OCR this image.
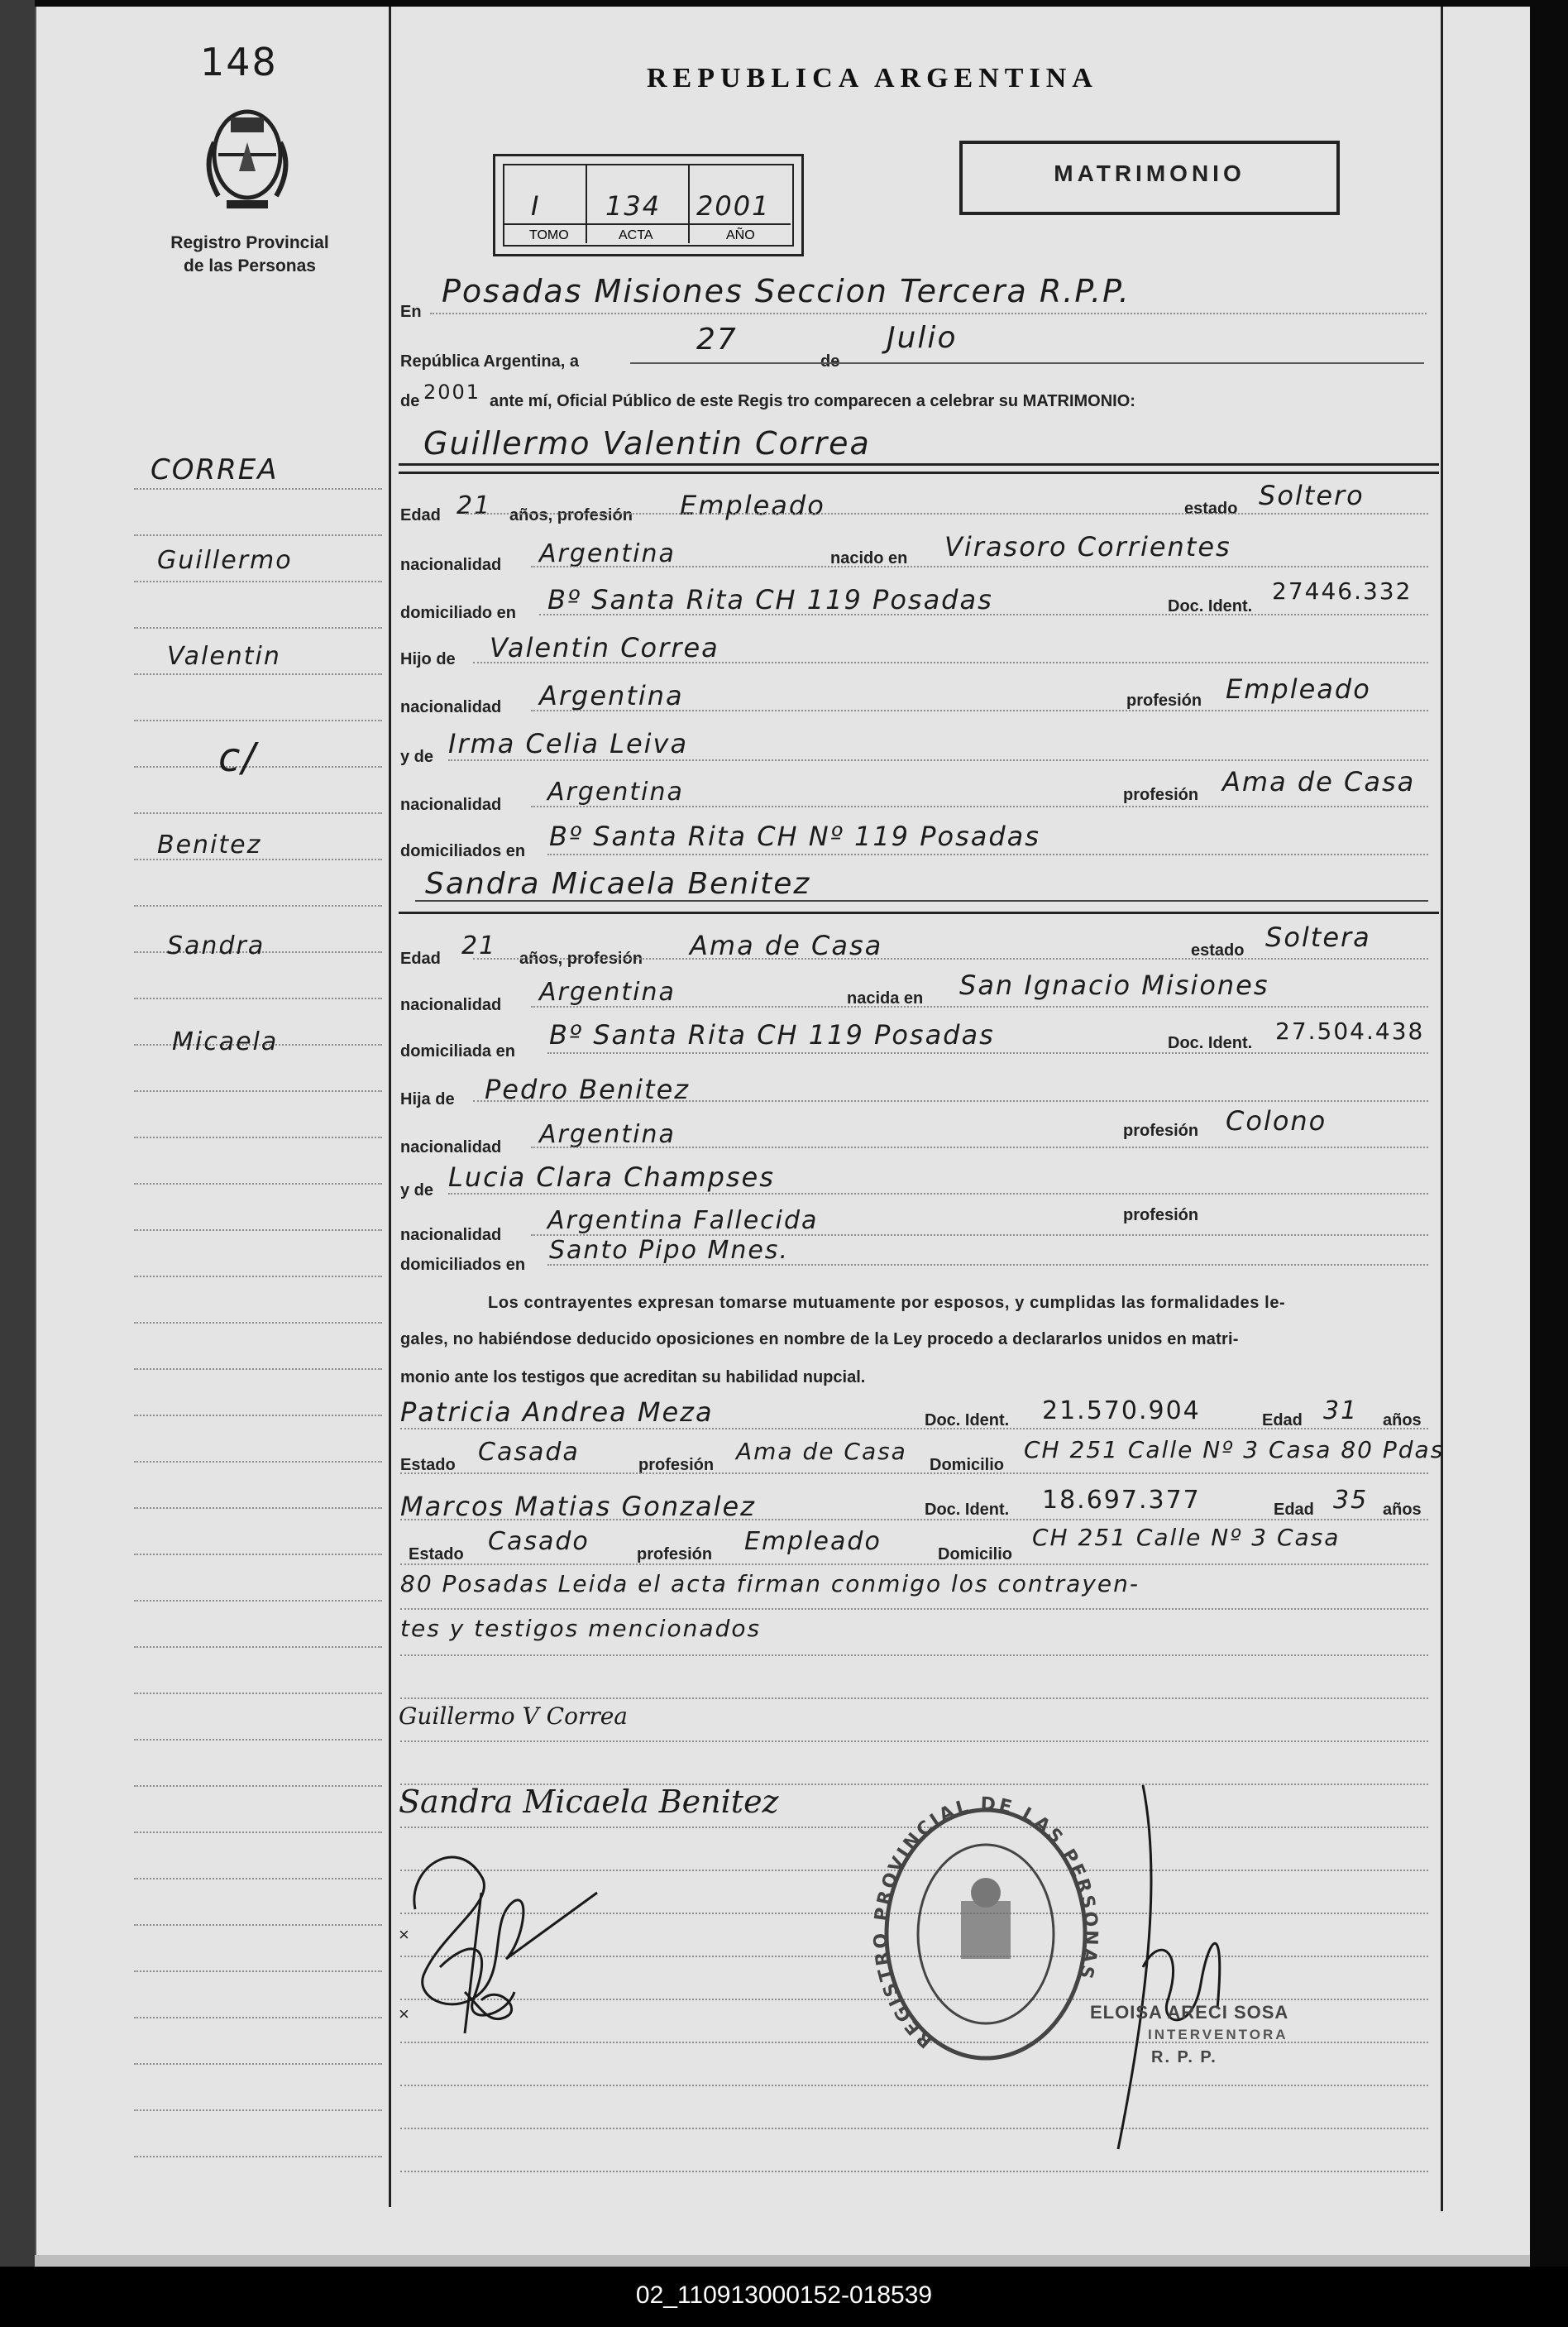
148
Registro Provincial de las Personas
REPUBLICA ARGENTINA
I 134 2001
TOMO	ACTA	AÑO
MATRIMONIO
CORREA
Guillermo
Valentin
c/
Benitez
Sandra
Micaela
En
Posadas Misiones Seccion Tercera R.P.P.
República Argentina, a
27
de
Julio
de 2001 ante mí, Oficial Público de este Regis tro comparecen a celebrar su MATRIMONIO:
Guillermo Valentin Correa
Edad 21 años, profesión Empleado	estado Soltero
nacionalidad Argentina	nacido en Virasoro Corrientes
domiciliado en Bº Santa Rita CH 119 Posadas	Doc. Ident.
27446.332
Hijo de Valentin Correa
nacionalidad Argentina	profesión Empleado
y de Irma Celia Leiva
nacionalidad Argentina	profesión Ama de Casa
domiciliados en Bº Santa Rita CH Nº 119 Posadas
Sandra Micaela Benitez
Edad 21 años, profesión Ama de Casa	estado Soltera
nacionalidad Argentina	nacida en San Ignacio Misiones
domiciliada en
Bº Santa Rita CH 119 Posadas	Doc. Ident. 27.504.438
Hija de Pedro Benitez
nacionalidad Argentina	profesión Colono
y de Lucia Clara Champses
nacionalidad Argentina Fallecida	profesión
domiciliados en Santo Pipo Mnes.
Los contrayentes expresan tomarse mutuamente por esposos, y cumplidas las formalidades le-
gales, no habiéndose deducido oposiciones en nombre de la Ley procedo a declararlos unidos en matri-
monio ante los testigos que acreditan su habilidad nupcial.
Patricia Andrea Meza	Doc. Ident. 21.570.904	Edad 31 años
Estado Casada	profesión Ama de Casa Domicilio
CH 251 Calle Nº 3 Casa 80 Pdas
Marcos Matias Gonzalez	Doc. Ident. 18.697.377	Edad 35 años
Estado Casado	profesión Empleado	Domicilio
CH 251 Calle Nº 3 Casa
80 Posadas Leida el acta firman conmigo los contrayen-
tes y testigos mencionados
Guillermo V Correa
Sandra Micaela Benitez
REGISTRO PROVINCIAL DE LAS PERSONAS
ELOISA ARECI SOSA
INTERVENTORA
R. P. P.
×
×
02_110913000152-018539
